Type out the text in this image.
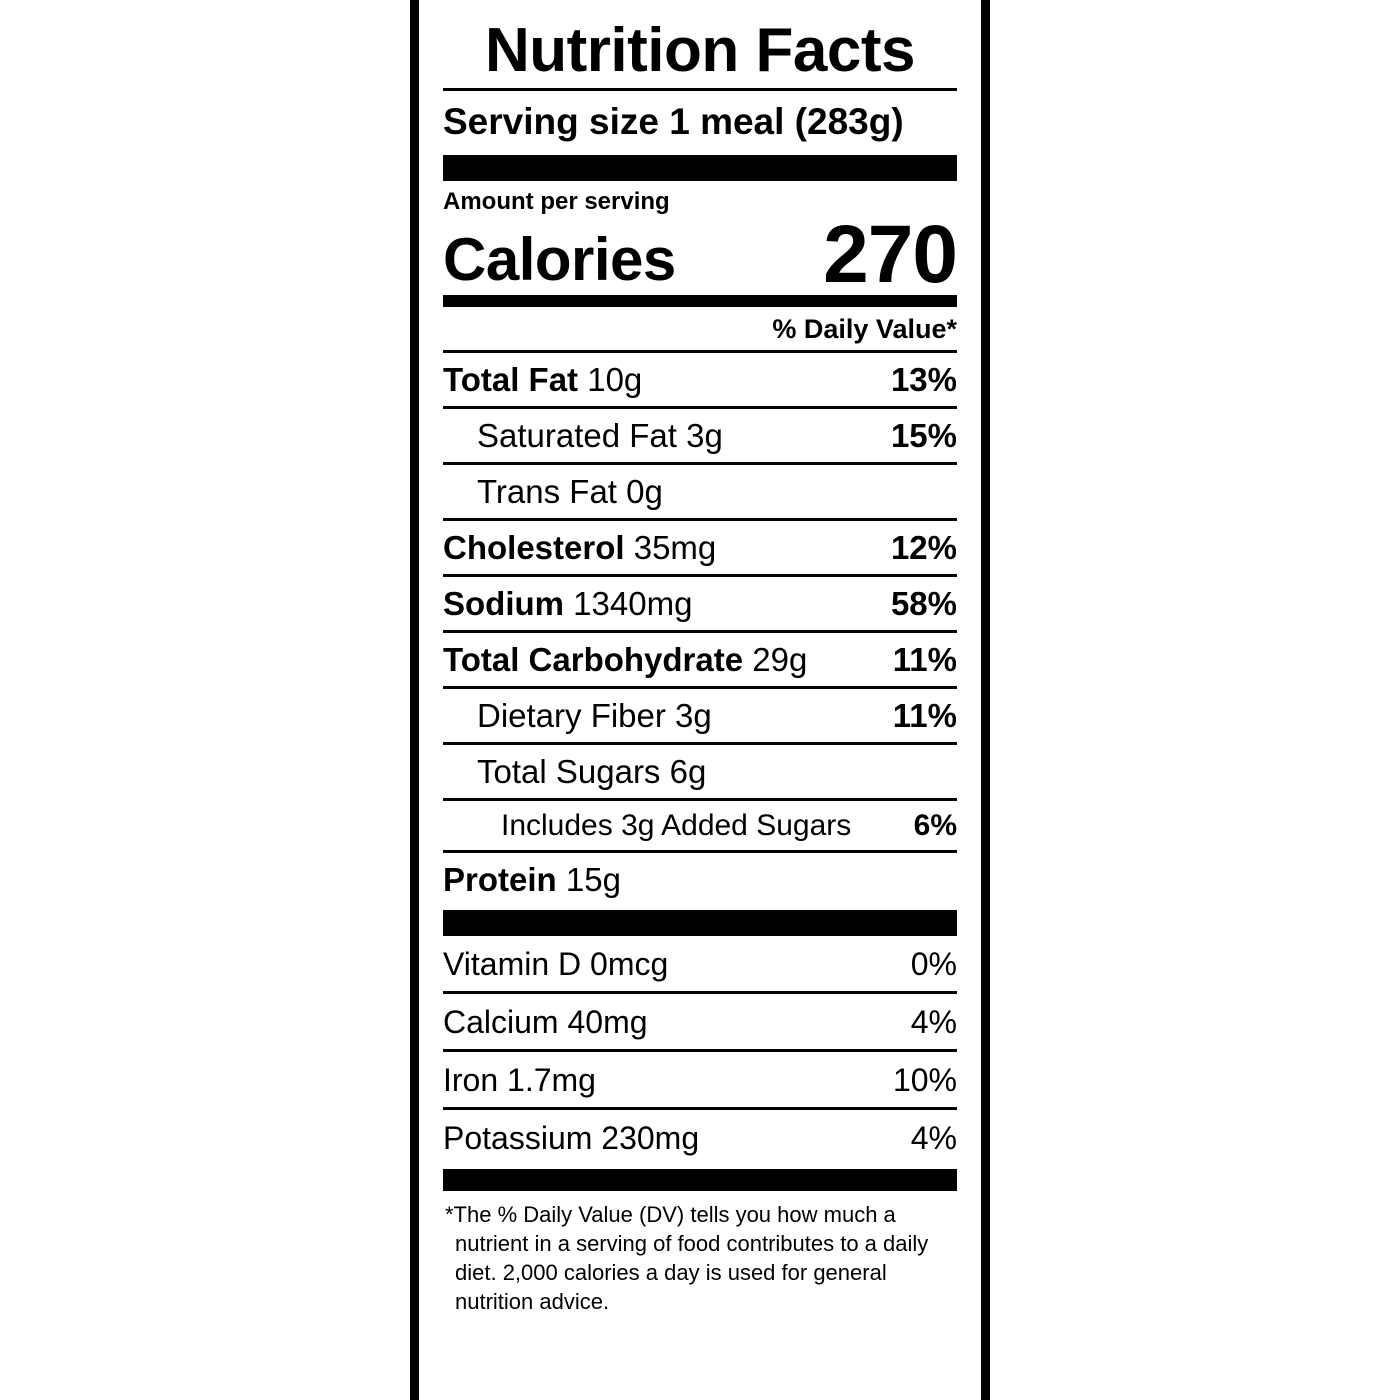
Nutrition Facts
Serving size 1 meal (283g)
Amount per serving
Calories 270
% Daily Value*
Total Fat 10g	13%
Saturated Fat 3g	15%
Trans Fat 0g
Cholesterol 35mg	12%
Sodium 1340mg	58%
Total Carbohydrate 29g	11%
Dietary Fiber 3g	11%
Total Sugars 6g
Includes 3g Added Sugars 6%
Protein 15g
Vitamin D 0mcg	0%
Calcium 40mg	4%
Iron 1.7mg	10%
Potassium 230mg	4%
*The % Daily Value (DV) tells you how much a nutrient in a serving of food contributes to a daily diet. 2,000 calories a day is used for general nutrition advice.
